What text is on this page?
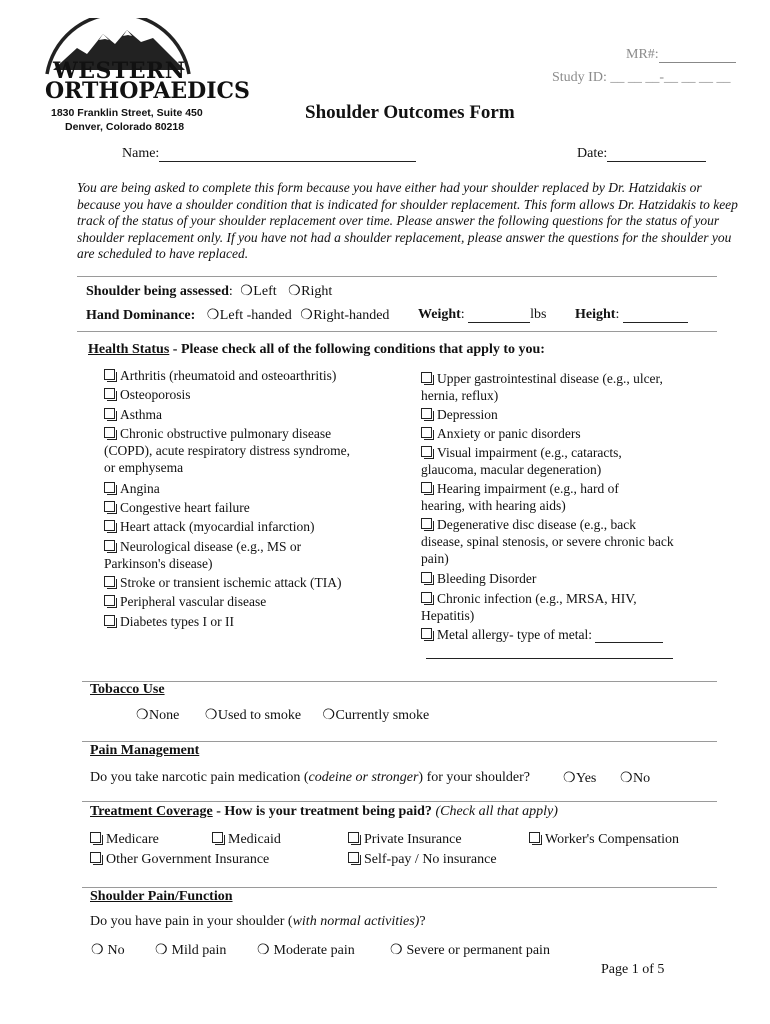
WESTERN
ORTHOPAEDICS
1830 Franklin Street, Suite 450
Denver, Colorado 80218
MR#:
Study ID: __ __ __-__ __ __ __
Shoulder Outcomes Form
Name:	Date:
You are being asked to complete this form because you have either had your shoulder replaced by Dr. Hatzidakis or because you have a shoulder condition that is indicated for shoulder replacement. This form allows Dr. Hatzidakis to keep track of the status of your shoulder replacement over time. Please answer the following questions for the status of your shoulder replacement only. If you have not had a shoulder replacement, please answer the questions for the shoulder you are scheduled to have replaced.
Shoulder being assessed: ❍Left ❍Right
Hand Dominance: ❍Left -handed ❍Right-handed Weight:	lbs Height:
Health Status - Please check all of the following conditions that apply to you:
Arthritis (rheumatoid and osteoarthritis)
Osteoporosis
Asthma
Chronic obstructive pulmonary disease (COPD), acute respiratory distress syndrome, or emphysema
Angina
Congestive heart failure
Heart attack (myocardial infarction)
Neurological disease (e.g., MS or Parkinson's disease)
Stroke or transient ischemic attack (TIA)
Peripheral vascular disease
Diabetes types I or II
Upper gastrointestinal disease (e.g., ulcer, hernia, reflux)
Depression
Anxiety or panic disorders
Visual impairment (e.g., cataracts, glaucoma, macular degeneration)
Hearing impairment (e.g., hard of hearing, with hearing aids)
Degenerative disc disease (e.g., back disease, spinal stenosis, or severe chronic back pain)
Bleeding Disorder
Chronic infection (e.g., MRSA, HIV, Hepatitis)
Metal allergy- type of metal:
Tobacco Use
❍None ❍Used to smoke ❍Currently smoke
Pain Management
Do you take narcotic pain medication (codeine or stronger) for your shoulder? ❍Yes ❍No
Treatment Coverage - How is your treatment being paid? (Check all that apply)
Medicare	Medicaid	Private Insurance	Worker's Compensation
Other Government Insurance	Self-pay / No insurance
Shoulder Pain/Function
Do you have pain in your shoulder (with normal activities)?
❍ No ❍ Mild pain ❍ Moderate pain	❍ Severe or permanent pain
Page 1 of 5
